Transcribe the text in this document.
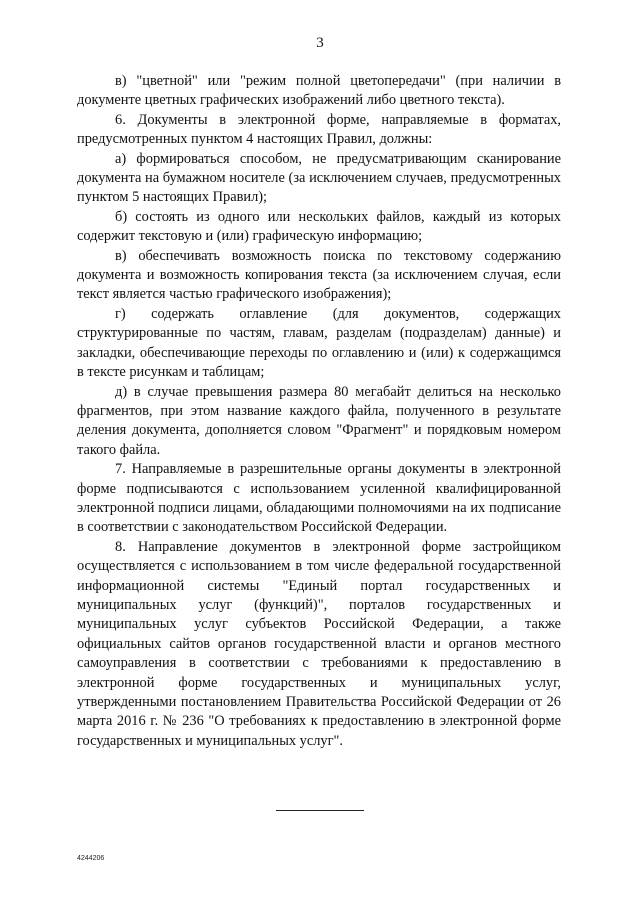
3

в) "цветной" или "режим полной цветопередачи" (при наличии в документе цветных графических изображений либо цветного текста).

6. Документы в электронной форме, направляемые в форматах, предусмотренных пунктом 4 настоящих Правил, должны:

а) формироваться способом, не предусматривающим сканирование документа на бумажном носителе (за исключением случаев, предусмотренных пунктом 5 настоящих Правил);

б) состоять из одного или нескольких файлов, каждый из которых содержит текстовую и (или) графическую информацию;

в) обеспечивать возможность поиска по текстовому содержанию документа и возможность копирования текста (за исключением случая, если текст является частью графического изображения);

г) содержать оглавление (для документов, содержащих структурированные по частям, главам, разделам (подразделам) данные) и закладки, обеспечивающие переходы по оглавлению и (или) к содержащимся в тексте рисункам и таблицам;

д) в случае превышения размера 80 мегабайт делиться на несколько фрагментов, при этом название каждого файла, полученного в результате деления документа, дополняется словом "Фрагмент" и порядковым номером такого файла.

7. Направляемые в разрешительные органы документы в электронной форме подписываются с использованием усиленной квалифицированной электронной подписи лицами, обладающими полномочиями на их подписание в соответствии с законодательством Российской Федерации.

8. Направление документов в электронной форме застройщиком осуществляется с использованием в том числе федеральной государственной информационной системы "Единый портал государственных и муниципальных услуг (функций)", порталов государственных и муниципальных услуг субъектов Российской Федерации, а также официальных сайтов органов государственной власти и органов местного самоуправления в соответствии с требованиями к предоставлению в электронной форме государственных и муниципальных услуг, утвержденными постановлением Правительства Российской Федерации от 26 марта 2016 г. № 236 "О требованиях к предоставлению в электронной форме государственных и муниципальных услуг".

4244206
